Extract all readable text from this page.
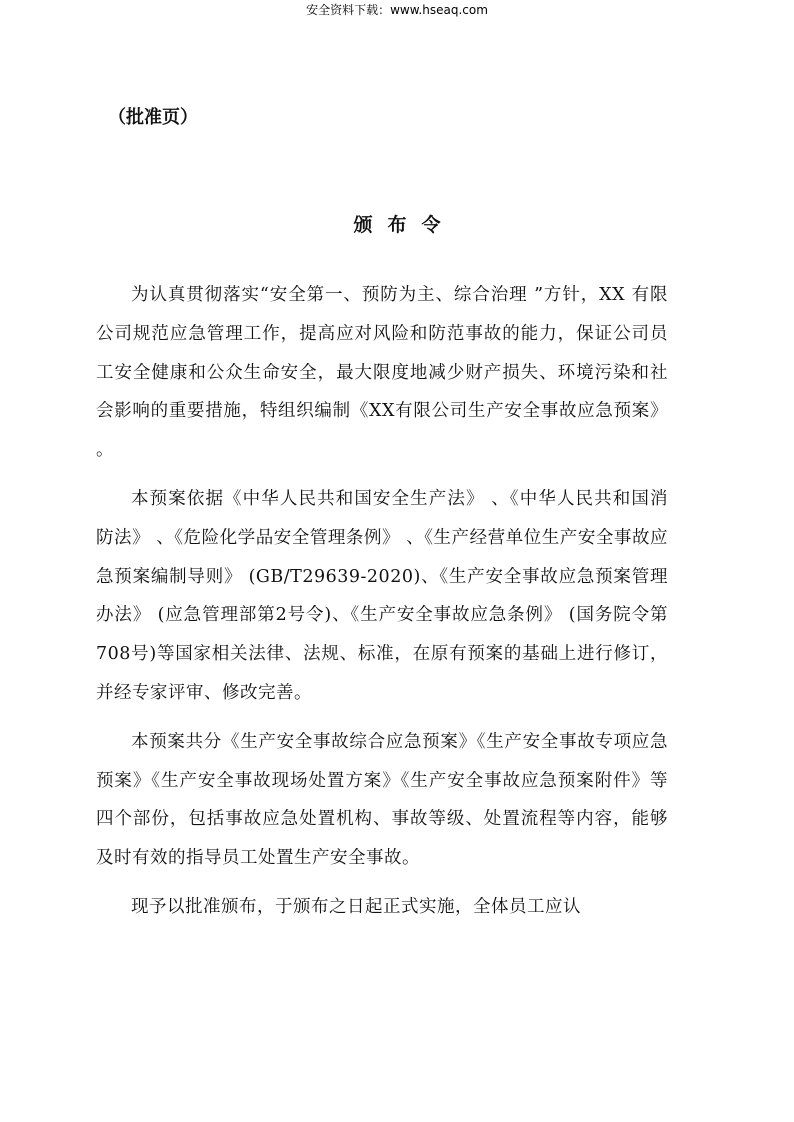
安全资料下载：www.hseaq.com
（批准页）
颁布令

为认真贯彻落实“安全第一、预防为主、综合治理 ”方针，XX 有限公司规范应急管理工作，提高应对风险和防范事故的能力，保证公司员工安全健康和公众生命安全，最大限度地减少财产损失、环境污染和社会影响的重要措施，特组织编制《XX有限公司生产安全事故应急预案》 。

本预案依据《中华人民共和国安全生产法》 、《中华人民共和国消防法》 、《危险化学品安全管理条例》 、《生产经营单位生产安全事故应急预案编制导则》 (GB/T29639-2020)、《生产安全事故应急预案管理办法》 (应急管理部第2号令)、《生产安全事故应急条例》 (国务院令第708号)等国家相关法律、法规、标准，在原有预案的基础上进行修订，并经专家评审、修改完善。

本预案共分《生产安全事故综合应急预案》《生产安全事故专项应急预案》《生产安全事故现场处置方案》《生产安全事故应急预案附件》等四个部份，包括事故应急处置机构、事故等级、处置流程等内容，能够及时有效的指导员工处置生产安全事故。

现予以批准颁布，于颁布之日起正式实施，全体员工应认
